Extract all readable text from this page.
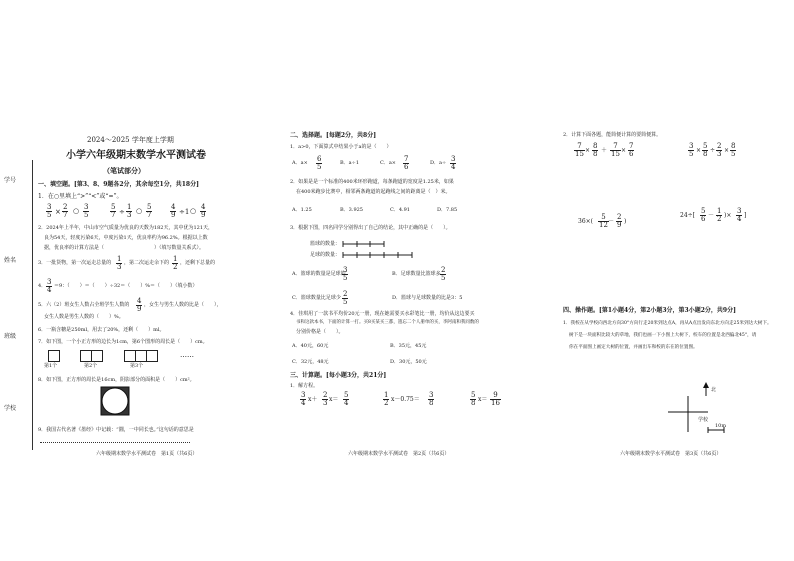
学号
姓名
班级
学校
2024～2025 学年度上学期
小学六年级期末数学水平测试卷
（笔试部分）
一、填空题。[第3、8、9题各2分，其余每空1分，共18分]
1．在○里填上“>”“<”或“=”。
$\frac{3}{5} \times \frac{2}{7}$ ○ $\frac{3}{5}$	$\frac{5}{7} \div \frac{1}{3}$ ○ $\frac{5}{7}$	$\frac{4}{9} \div 1$ ○ $\frac{4}{9}$
2．2024年上半年，中山市空气质量为优良的天数为182天，其中优为121天，
良为54天，轻度污染6天，中度污染1天，优良率约为96.2%。根据以上数
据，优良率的计算方法是（　　　　　　　　　　）（填写数量关系式）。
3．一批货物，第一次运走总量的 $\frac{1}{3}$ ，第二次运走余下的 $\frac{1}{2}$ ，还剩下总量的
4． $\frac{3}{4} =9$：（　　）＝（　　）÷32＝（　　）%＝（　　）（填小数）
5．六（2）班女生人数占全班学生人数的 $\frac{4}{9}$ ，女生与男生人数的比是（　　），
女生人数是男生人数的（　　）%。
6．一瓶含糖是250ml，用去了20%，还剩（　　）ml。
7．如下图，一个小正方形的边长为1cm，第6个图形的周长是（　　）cm。
第1个	第2个	第3个
……
8．如下图，正方形的周长是16cm，阴影部分的面积是（　　）cm²。
9．我国古代名著《墨经》中记载：“圜，一中同长也。”这句话的意思是
六年级期末数学水平测试卷　第1页（共6页）
二、选择题。[每题2分，共8分]
1．a>0，下面算式中结果小于a的是（　　）
A．$a\times \frac{6}{5}$	B．a÷1	C．$a\times \frac{7}{6}$	D．$a\div \frac{3}{4}$
2．如果是是一个标准的400米环形跑道，每条跑道的宽度是1.25米，如果
在400米跑步比赛中，相邻两条跑道的起跑线之间的距离是（　）米。
A．1.25	B．3.925	C．4.91	D．7.85
3．根据下图，四名同学分别得出了自己的结论，其中正确的是（　　）。
篮球的数量：
足球的数量：
A．篮球的数量是足球的
$\frac{3}{5}$	B．足球数量比篮球多 $\frac{2}{5}$
C．篮球数量比足球少 $\frac{2}{5}$	D．篮球与足球数量的比是3：5
4．佳琪用了一款书平均价20元一册，现在她需要买水彩笔比一册，均价从这边要买
书和这款本书，下面的计算一打。买8买某买三都，遗忘二个人册单的买，李阿南和我同数的
分别价格是（　　）。
A．40元，60元	B．35元，45元
C．32元，48元	D．30元，50元
三、计算题。[每小题3分，共21分]
1．解方程。
$\frac{3}{4} x+ \frac{2}{3} x= \frac{5}{4}$	$\frac{1}{2} x-0.75= \frac{3}{8}$	$\frac{5}{8} x= \frac{9}{16}$
六年级期末数学水平测试卷　第2页（共6页）
2．计算下面各题，能简便计算的要简便算。
$\frac{7}{15} \times \frac{8}{8} + \frac{7}{15} \times \frac{7}{6}$	$\frac{3}{5} \times \frac{5}{8} \div \frac{2}{3} \times \frac{8}{5}$
$36\times( \frac{5}{12} - \frac{2}{9}$ )
$24\div[ \frac{5}{6} - \frac{1}{2}$ )× $\frac{3}{4}$ ]
四、操作题。[第1小题4分，第2小题3分，第3小题2分，共9分]
1．我校在从学校向西北方向30°方向行走20米到达点A，再从A点出发向东北方向走25米到达大树下。
树下是一块面积比较大的草地，我们也画一下小图上大树下，校车的位置是北西偏北45°，请
你在平面图上画定大树的位置，并画出车和校的东在的位置图。
北
学校
10m
六年级期末数学水平测试卷　第3页（共6页）
